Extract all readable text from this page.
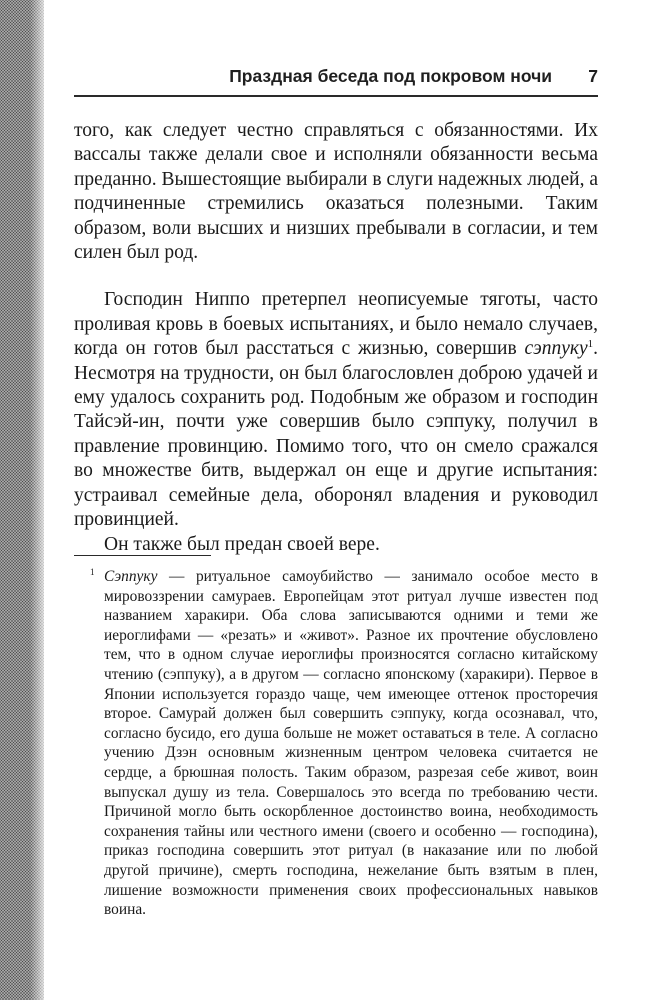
Праздная беседа под покровом ночи 7

того, как следует честно справляться с обязанностями. Их вассалы также делали свое и исполняли обязанности весьма преданно. Вышестоящие выбирали в слуги надежных людей, а подчиненные стремились оказаться полезными. Таким образом, воли высших и низших пребывали в согласии, и тем силен был род.

Господин Ниппо претерпел неописуемые тяготы, часто проливая кровь в боевых испытаниях, и было немало случаев, когда он готов был расстаться с жизнью, совершив сэппуку$^1$. Несмотря на трудности, он был благословлен доброю удачей и ему удалось сохранить род. Подобным же образом и господин Тайсэй-ин, почти уже совершив было сэппуку, получил в правление провинцию. Помимо того, что он смело сражался во множестве битв, выдержал он еще и другие испытания: устраивал семейные дела, оборонял владения и руководил провинцией.

Он также был предан своей вере.

1 Сэппуку — ритуальное самоубийство — занимало особое место в мировоззрении самураев. Европейцам этот ритуал лучше известен под названием харакири. Оба слова записываются одними и теми же иероглифами — «резать» и «живот». Разное их прочтение обусловлено тем, что в одном случае иероглифы произносятся согласно китайскому чтению (сэппуку), а в другом — согласно японскому (харакири). Первое в Японии используется гораздо чаще, чем имеющее оттенок просторечия второе. Самурай должен был совершить сэппуку, когда осознавал, что, согласно бусидо, его душа больше не может оставаться в теле. А согласно учению Дзэн основным жизненным центром человека считается не сердце, а брюшная полость. Таким образом, разрезая себе живот, воин выпускал душу из тела. Совершалось это всегда по требованию чести. Причиной могло быть оскорбленное достоинство воина, необходимость сохранения тайны или честного имени (своего и особенно — господина), приказ господина совершить этот ритуал (в наказание или по любой другой причине), смерть господина, нежелание быть взятым в плен, лишение возможности применения своих профессиональных навыков воина.
